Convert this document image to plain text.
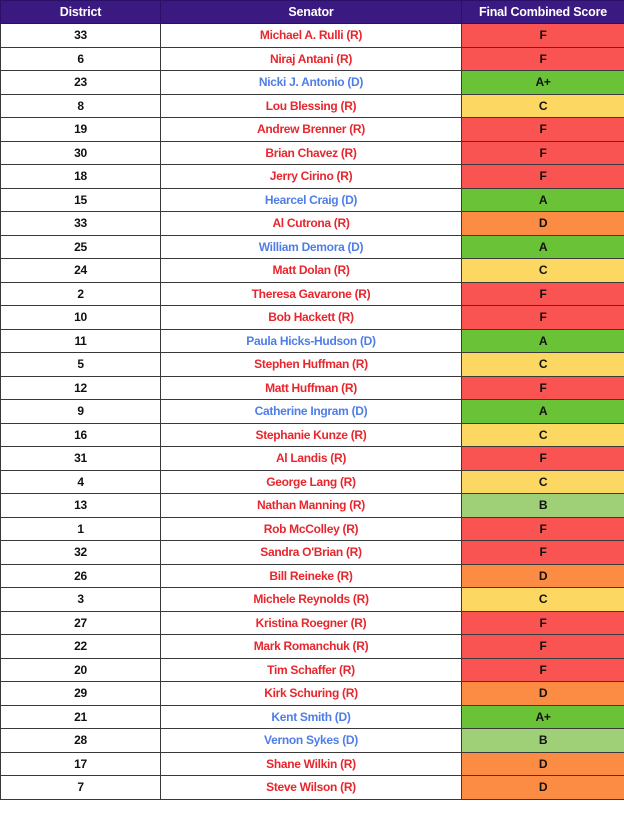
District	Senator	Final Combined Score
33	Michael A. Rulli (R)	F
6	Niraj Antani (R)	F
23	Nicki J. Antonio (D)	A+
8	Lou Blessing (R)	C
19	Andrew Brenner (R)	F
30	Brian Chavez (R)	F
18	Jerry Cirino (R)	F
15	Hearcel Craig (D)	A
33	Al Cutrona (R)	D
25	William Demora (D)	A
24	Matt Dolan (R)	C
2	Theresa Gavarone (R)	F
10	Bob Hackett (R)	F
11	Paula Hicks-Hudson (D)	A
5	Stephen Huffman (R)	C
12	Matt Huffman (R)	F
9	Catherine Ingram (D)	A
16	Stephanie Kunze (R)	C
31	Al Landis (R)	F
4	George Lang (R)	C
13	Nathan Manning (R)	B
1	Rob McColley (R)	F
32	Sandra O'Brian (R)	F
26	Bill Reineke (R)	D
3	Michele Reynolds (R)	C
27	Kristina Roegner (R)	F
22	Mark Romanchuk (R)	F
20	Tim Schaffer (R)	F
29	Kirk Schuring (R)	D
21	Kent Smith (D)	A+
28	Vernon Sykes (D)	B
17	Shane Wilkin (R)	D
7	Steve Wilson (R)	D
